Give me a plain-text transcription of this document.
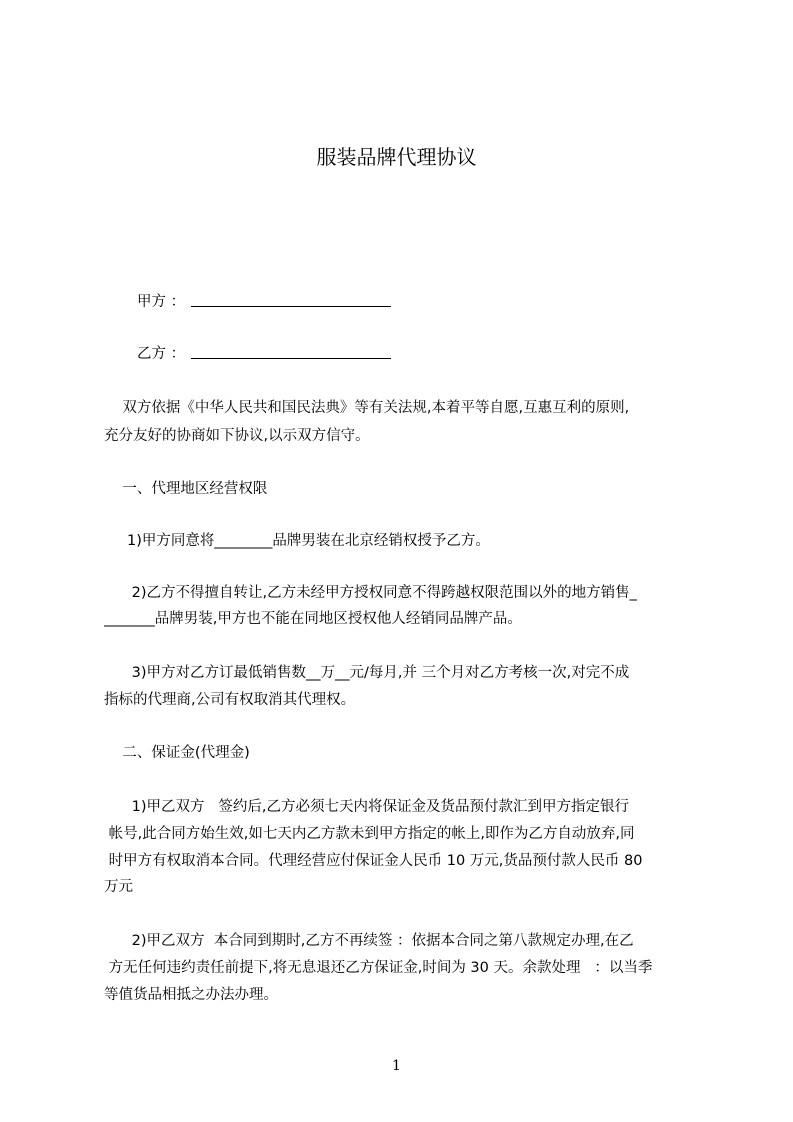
服装品牌代理协议
甲方 ：
乙方 ：
双方依据《中华人民共和国民法典》等有关法规,本着平等自愿,互惠互利的原则,
充分友好的协商如下协议,以示双方信守。
一、代理地区经营权限
1)甲方同意将________品牌男装在北京经销权授予乙方。
2)乙方不得擅自转让,乙方未经甲方授权同意不得跨越权限范围以外的地方销售_
_______品牌男装,甲方也不能在同地区授权他人经销同品牌产品。
3)甲方对乙方订最低销售数__万__元/每月,并 三个月对乙方考核一次,对完不成
指标的代理商,公司有权取消其代理权。
二、保证金(代理金)
1)甲乙双方   签约后,乙方必须七天内将保证金及货品预付款汇到甲方指定银行
帐号,此合同方始生效,如七天内乙方款未到甲方指定的帐上,即作为乙方自动放弃,同
时甲方有权取消本合同。代理经营应付保证金人民币 10 万元,货品预付款人民币 80
万元
2)甲乙双方  本合同到期时,乙方不再续签 ：依据本合同之第八款规定办理,在乙
方无任何违约责任前提下,将无息退还乙方保证金,时间为 30 天。余款处理   ：以当季
等值货品相抵之办法办理。
1
